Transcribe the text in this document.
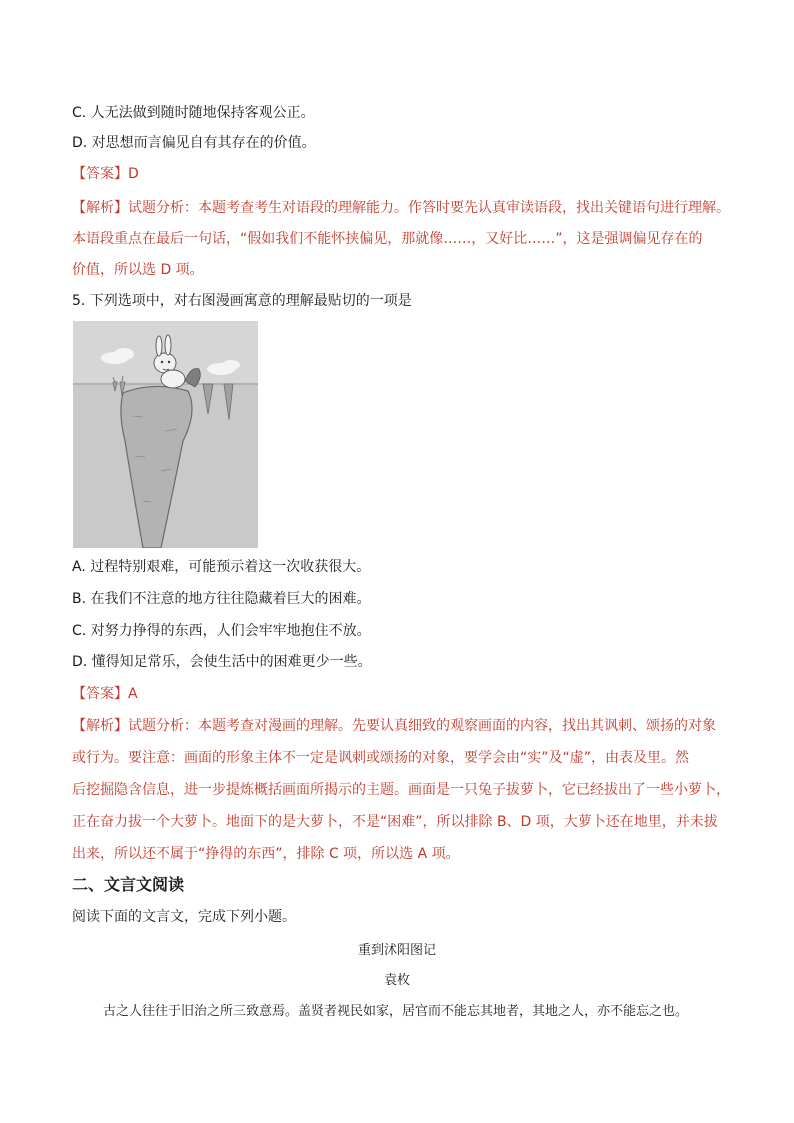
C. 人无法做到随时随地保持客观公正。
D. 对思想而言偏见自有其存在的价值。
【答案】D
【解析】试题分析：本题考查考生对语段的理解能力。作答时要先认真审读语段，找出关键语句进行理解。
本语段重点在最后一句话，“假如我们不能怀挟偏见，那就像……，又好比……”，这是强调偏见存在的
价值，所以选 D 项。
5. 下列选项中，对右图漫画寓意的理解最贴切的一项是
A. 过程特别艰难，可能预示着这一次收获很大。
B. 在我们不注意的地方往往隐藏着巨大的困难。
C. 对努力挣得的东西，人们会牢牢地抱住不放。
D. 懂得知足常乐，会使生活中的困难更少一些。
【答案】A
【解析】试题分析：本题考查对漫画的理解。先要认真细致的观察画面的内容，找出其讽刺、颂扬的对象
或行为。要注意：画面的形象主体不一定是讽刺或颂扬的对象，要学会由“实”及“虚”，由表及里。然
后挖掘隐含信息，进一步提炼概括画面所揭示的主题。画面是一只兔子拔萝卜，它已经拔出了一些小萝卜，
正在奋力拔一个大萝卜。地面下的是大萝卜，不是“困难”，所以排除 B、D 项，大萝卜还在地里，并未拔
出来，所以还不属于“挣得的东西”，排除 C 项，所以选 A 项。
二、文言文阅读
阅读下面的文言文，完成下列小题。
重到沭阳图记
袁枚
古之人往往于旧治之所三致意焉。盖贤者视民如家，居官而不能忘其地者，其地之人，亦不能忘之也。
